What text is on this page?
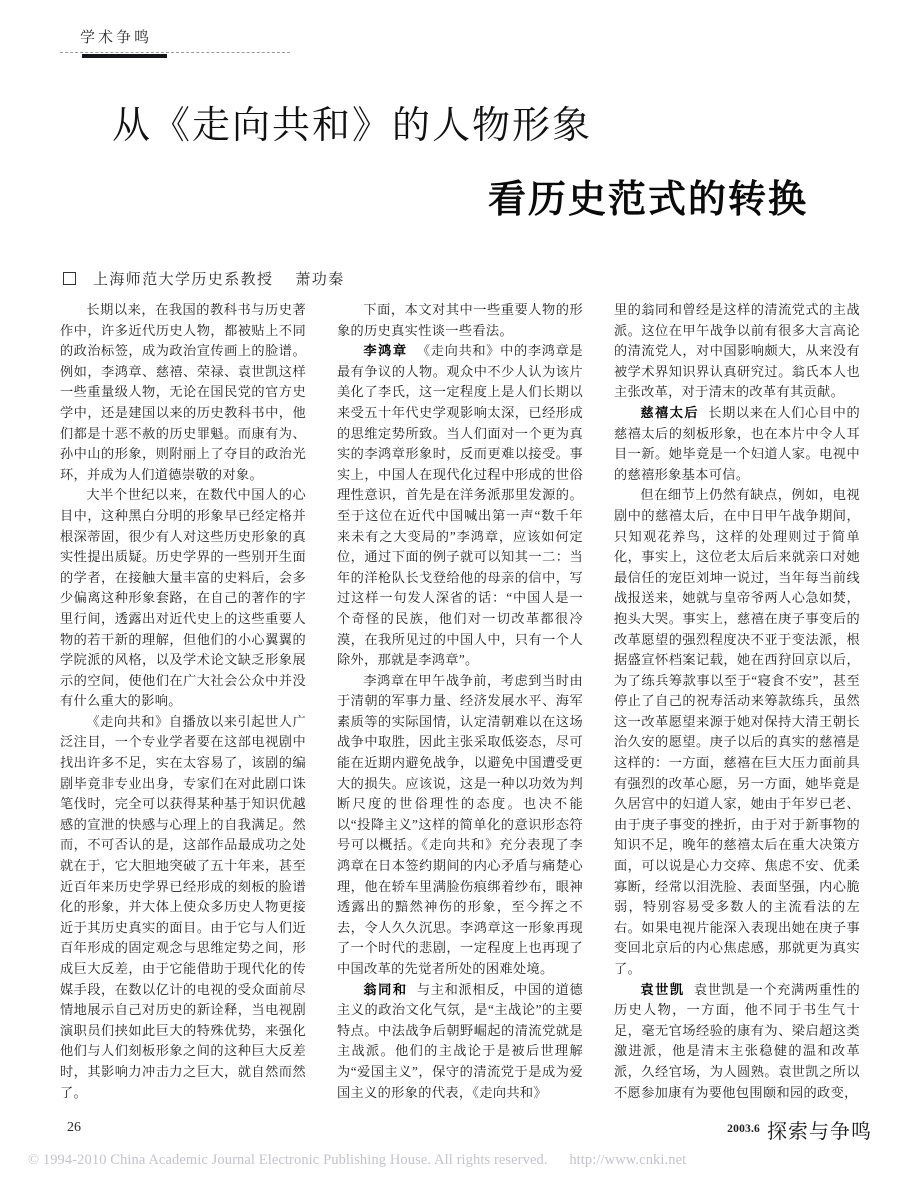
学术争鸣
从《走向共和》的人物形象
看历史范式的转换
上海师范大学历史系教授 萧功秦

长期以来，在我国的教科书与历史著作中，许多近代历史人物，都被贴上不同的政治标签，成为政治宣传画上的脸谱。例如，李鸿章、慈禧、荣禄、袁世凯这样一些重量级人物，无论在国民党的官方史学中，还是建国以来的历史教科书中，他们都是十恶不赦的历史罪魁。而康有为、孙中山的形象，则附丽上了夺目的政治光环，并成为人们道德崇敬的对象。

大半个世纪以来，在数代中国人的心目中，这种黑白分明的形象早已经定格并根深蒂固，很少有人对这些历史形象的真实性提出质疑。历史学界的一些别开生面的学者，在接触大量丰富的史料后，会多少偏离这种形象套路，在自己的著作的字里行间，透露出对近代史上的这些重要人物的若干新的理解，但他们的小心翼翼的学院派的风格，以及学术论文缺乏形象展示的空间，使他们在广大社会公众中并没有什么重大的影响。

《走向共和》自播放以来引起世人广泛注目，一个专业学者要在这部电视剧中找出许多不足，实在太容易了，该剧的编剧毕竟非专业出身，专家们在对此剧口诛笔伐时，完全可以获得某种基于知识优越感的宣泄的快感与心理上的自我满足。然而，不可否认的是，这部作品最成功之处就在于，它大胆地突破了五十年来，甚至近百年来历史学界已经形成的刻板的脸谱化的形象，并大体上使众多历史人物更接近于其历史真实的面目。由于它与人们近百年形成的固定观念与思维定势之间，形成巨大反差，由于它能借助于现代化的传媒手段，在数以亿计的电视的受众面前尽情地展示自己对历史的新诠释，当电视剧演职员们挟如此巨大的特殊优势，来强化他们与人们刻板形象之间的这种巨大反差时，其影响力冲击力之巨大，就自然而然了。

下面，本文对其中一些重要人物的形象的历史真实性谈一些看法。

李鸿章 《走向共和》中的李鸿章是最有争议的人物。观众中不少人认为该片美化了李氏，这一定程度上是人们长期以来受五十年代史学观影响太深，已经形成的思维定势所致。当人们面对一个更为真实的李鸿章形象时，反而更难以接受。事实上，中国人在现代化过程中形成的世俗理性意识，首先是在洋务派那里发源的。至于这位在近代中国喊出第一声“数千年来未有之大变局的”李鸿章，应该如何定位，通过下面的例子就可以知其一二：当年的洋枪队长戈登给他的母亲的信中，写过这样一句发人深省的话：“中国人是一个奇怪的民族，他们对一切改革都很冷漠，在我所见过的中国人中，只有一个人除外，那就是李鸿章”。

李鸿章在甲午战争前，考虑到当时由于清朝的军事力量、经济发展水平、海军素质等的实际国情，认定清朝难以在这场战争中取胜，因此主张采取低姿态，尽可能在近期内避免战争，以避免中国遭受更大的损失。应该说，这是一种以功效为判断尺度的世俗理性的态度。也决不能以“投降主义”这样的简单化的意识形态符号可以概括。《走向共和》充分表现了李鸿章在日本签约期间的内心矛盾与痛楚心理，他在轿车里满脸伤痕绑着纱布，眼神透露出的黯然神伤的形象，至今挥之不去，令人久久沉思。李鸿章这一形象再现了一个时代的悲剧，一定程度上也再现了中国改革的先觉者所处的困难处境。

翁同和 与主和派相反，中国的道德主义的政治文化气氛，是“主战论”的主要特点。中法战争后朝野崛起的清流党就是主战派。他们的主战论于是被后世理解为“爱国主义”，保守的清流党于是成为爱国主义的形象的代表，《走向共和》

里的翁同和曾经是这样的清流党式的主战派。这位在甲午战争以前有很多大言高论的清流党人，对中国影响颇大，从来没有被学术界知识界认真研究过。翁氏本人也主张改革，对于清末的改革有其贡献。

慈禧太后 长期以来在人们心目中的慈禧太后的刻板形象，也在本片中令人耳目一新。她毕竟是一个妇道人家。电视中的慈禧形象基本可信。

但在细节上仍然有缺点，例如，电视剧中的慈禧太后，在中日甲午战争期间，只知观花养鸟，这样的处理则过于简单化，事实上，这位老太后后来就亲口对她最信任的宠臣刘坤一说过，当年每当前线战报送来，她就与皇帝爷两人心急如焚，抱头大哭。事实上，慈禧在庚子事变后的改革愿望的强烈程度决不亚于变法派，根据盛宣怀档案记载，她在西狩回京以后，为了练兵筹款事以至于“寝食不安”，甚至停止了自己的祝寿活动来筹款练兵，虽然这一改革愿望来源于她对保持大清王朝长治久安的愿望。庚子以后的真实的慈禧是这样的：一方面，慈禧在巨大压力面前具有强烈的改革心愿，另一方面，她毕竟是久居宫中的妇道人家，她由于年岁已老、由于庚子事变的挫折，由于对于新事物的知识不足，晚年的慈禧太后在重大决策方面，可以说是心力交瘁、焦虑不安、优柔寡断，经常以泪洗脸、表面坚强，内心脆弱，特别容易受多数人的主流看法的左右。如果电视片能深入表现出她在庚子事变回北京后的内心焦虑感，那就更为真实了。

袁世凯 袁世凯是一个充满两重性的历史人物，一方面，他不同于书生气十足，毫无官场经验的康有为、梁启超这类激进派，他是清末主张稳健的温和改革派，久经官场，为人圆熟。袁世凯之所以不愿参加康有为要他包围颐和园的政变，

26	2003.6 探索与争鸣
© 1994-2010 China Academic Journal Electronic Publishing House. All rights reserved. http://www.cnki.net
